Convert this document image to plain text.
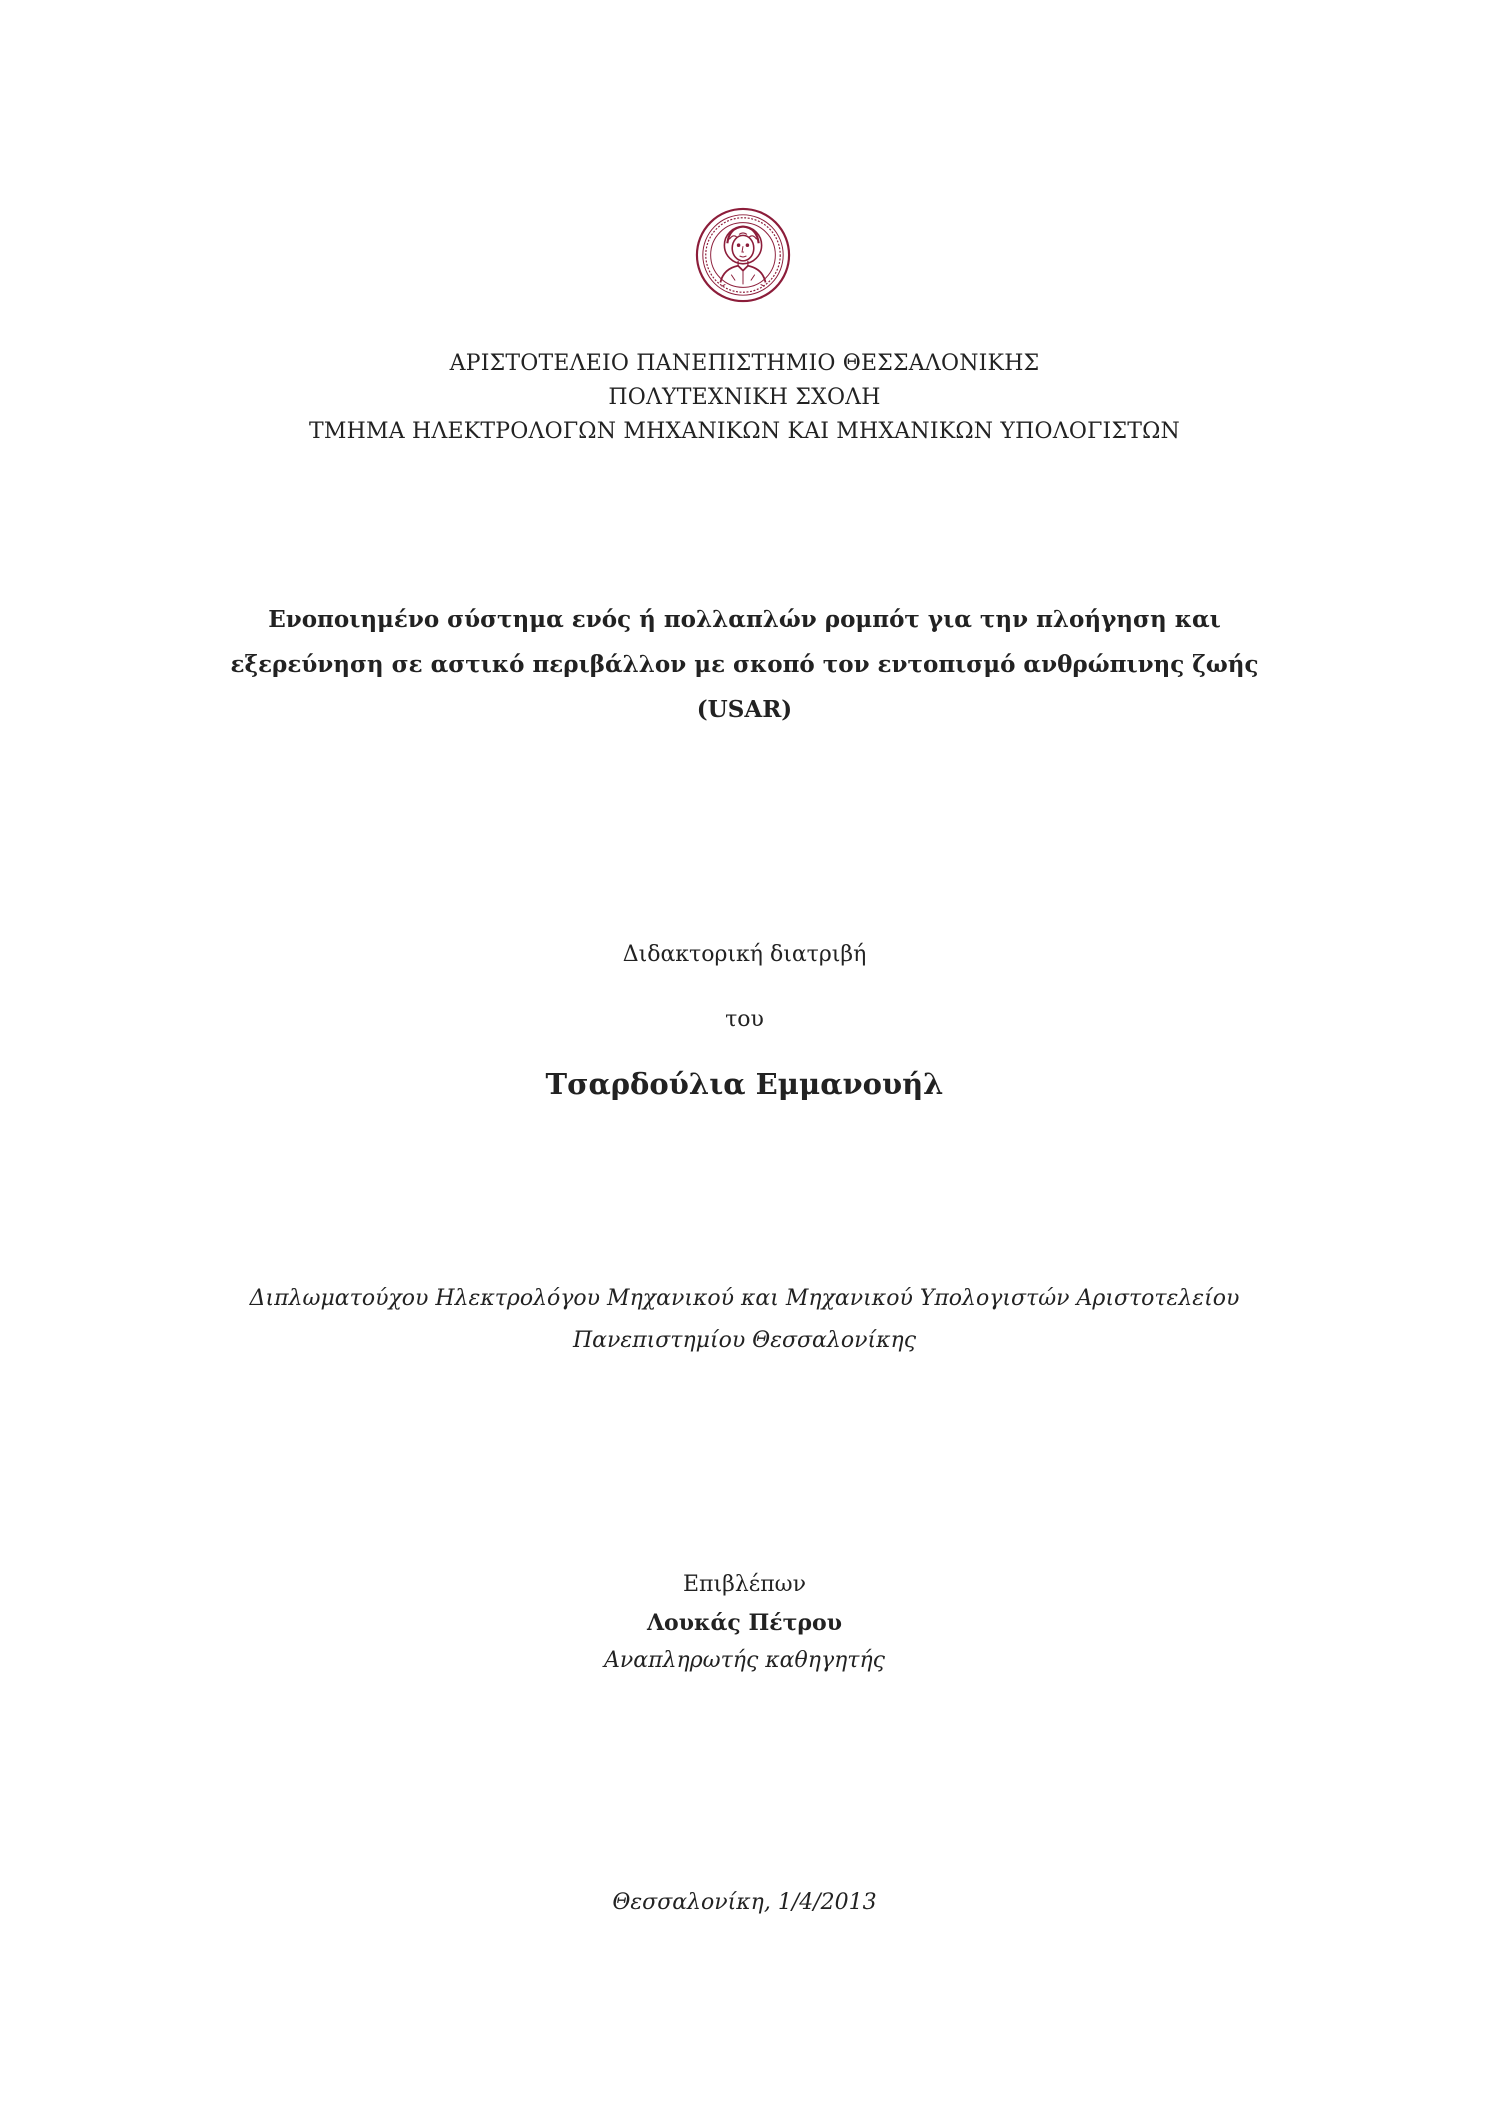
ΑΡΙΣΤΟΤΕΛΕΙΟ ΠΑΝΕΠΙΣΤΗΜΙΟ ΘΕΣΣΑΛΟΝΙΚΗΣ
ΠΟΛΥΤΕΧΝΙΚΗ ΣΧΟΛΗ
ΤΜΗΜΑ ΗΛΕΚΤΡΟΛΟΓΩΝ ΜΗΧΑΝΙΚΩΝ ΚΑΙ ΜΗΧΑΝΙΚΩΝ ΥΠΟΛΟΓΙΣΤΩΝ
Ενοποιημένο σύστημα ενός ή πολλαπλών ρομπότ για την πλοήγηση και
εξερεύνηση σε αστικό περιβάλλον με σκοπό τον εντοπισμό ανθρώπινης ζωής
(USAR)
Διδακτορική διατριβή
του
Τσαρδούλια Εμμανουήλ
Διπλωματούχου Ηλεκτρολόγου Μηχανικού και Μηχανικού Υπολογιστών Αριστοτελείου
Πανεπιστημίου Θεσσαλονίκης
Επιβλέπων
Λουκάς Πέτρου
Αναπληρωτής καθηγητής
Θεσσαλονίκη, 1/4/2013
